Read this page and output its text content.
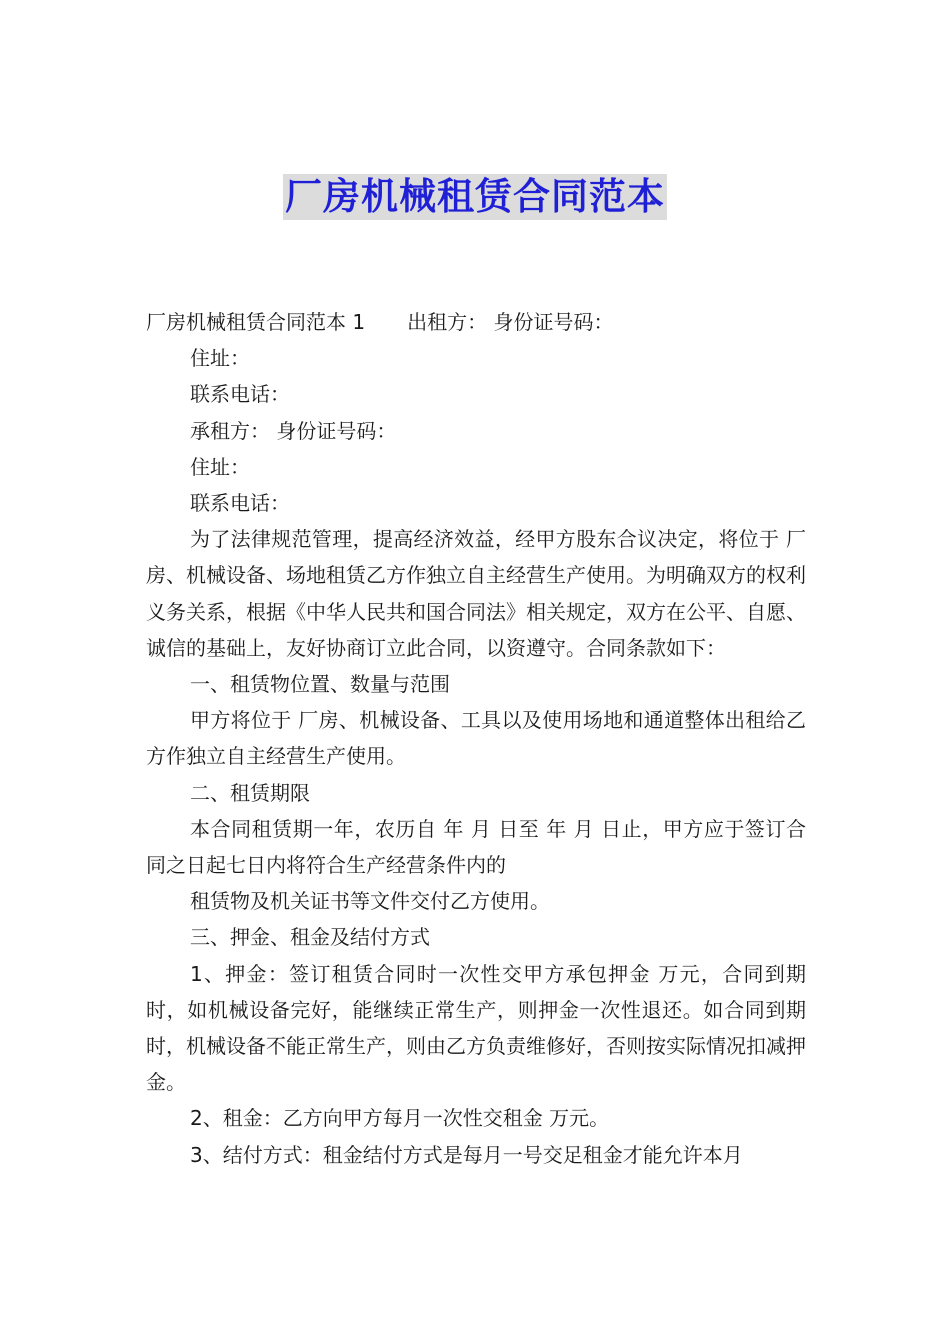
厂房机械租赁合同范本

厂房机械租赁合同范本 1 出租方： 身份证号码：

住址：

联系电话：

承租方： 身份证号码：

住址：

联系电话：

为了法律规范管理，提高经济效益，经甲方股东合议决定，将位于 厂房、机械设备、场地租赁乙方作独立自主经营生产使用。为明确双方的权利义务关系，根据《中华人民共和国合同法》相关规定，双方在公平、自愿、诚信的基础上，友好协商订立此合同，以资遵守。合同条款如下：

一、租赁物位置、数量与范围

甲方将位于 厂房、机械设备、工具以及使用场地和通道整体出租给乙方作独立自主经营生产使用。

二、租赁期限

本合同租赁期一年，农历自 年 月 日至 年 月 日止，甲方应于签订合同之日起七日内将符合生产经营条件内的

租赁物及机关证书等文件交付乙方使用。

三、押金、租金及结付方式

1、押金：签订租赁合同时一次性交甲方承包押金 万元，合同到期时，如机械设备完好，能继续正常生产，则押金一次性退还。如合同到期时，机械设备不能正常生产，则由乙方负责维修好，否则按实际情况扣减押金。

2、租金：乙方向甲方每月一次性交租金 万元。

3、结付方式：租金结付方式是每月一号交足租金才能允许本月
